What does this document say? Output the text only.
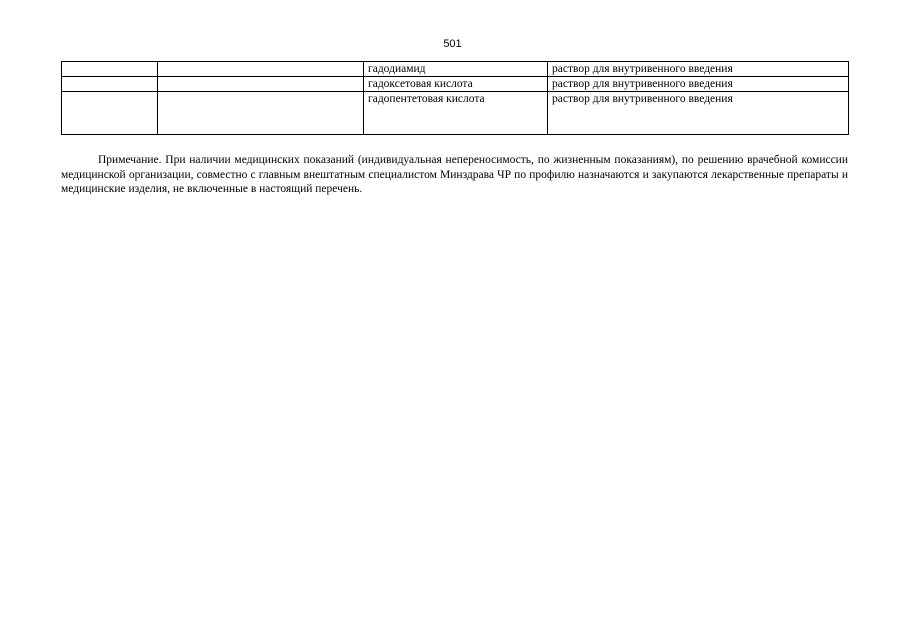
501
		гадодиамид	раствор для внутривенного введения
		гадоксетовая кислота	раствор для внутривенного введения
		гадопентетовая кислота	раствор для внутривенного введения

Примечание. При наличии медицинских показаний (индивидуальная непереносимость, по жизненным показаниям), по решению врачебной комиссии медицинской организации, совместно с главным внештатным специалистом Минздрава ЧР по профилю назначаются и закупаются лекарственные препараты и медицинские изделия, не включенные в настоящий перечень.
